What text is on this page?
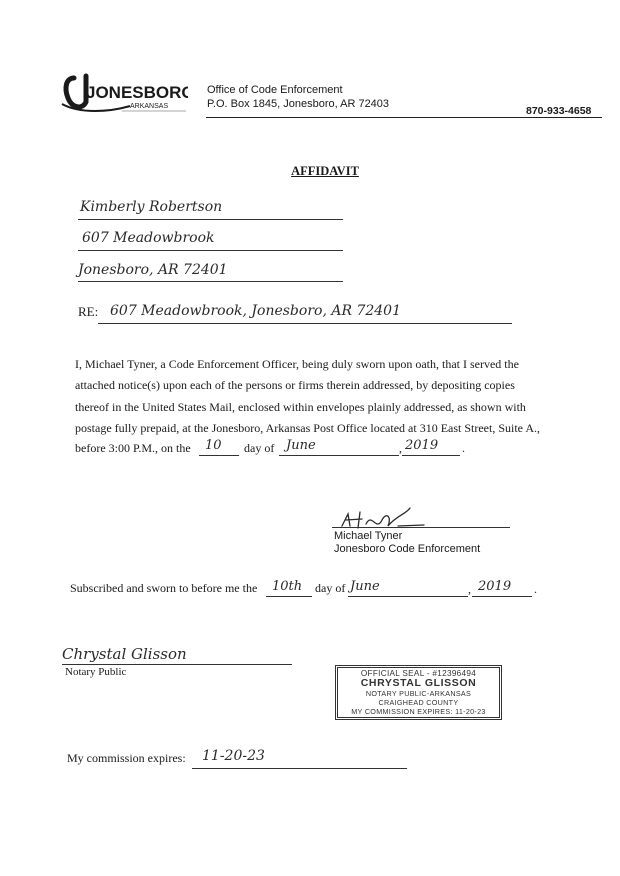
JONESBORO
ARKANSAS
Office of Code Enforcement
P.O. Box 1845, Jonesboro, AR 72403
870-933-4658
AFFIDAVIT
Kimberly Robertson
607 Meadowbrook
Jonesboro, AR 72401
RE: 607 Meadowbrook, Jonesboro, AR 72401
I, Michael Tyner, a Code Enforcement Officer, being duly sworn upon oath, that I served the
attached notice(s) upon each of the persons or firms therein addressed, by depositing copies
thereof in the United States Mail, enclosed within envelopes plainly addressed, as shown with
postage fully prepaid, at the Jonesboro, Arkansas Post Office located at 310 East Street, Suite A.,
before 3:00 P.M., on the 10 day of June	, 2019 .
Michael Tyner
Jonesboro Code Enforcement
Subscribed and sworn to before me the 10th day of June	, 2019 .
Chrystal Glisson
Notary Public	OFFICIAL SEAL - #12396494
CHRYSTAL GLISSON
NOTARY PUBLIC-ARKANSAS
CRAIGHEAD COUNTY
MY COMMISSION EXPIRES: 11-20-23
My commission expires: 11-20-23
